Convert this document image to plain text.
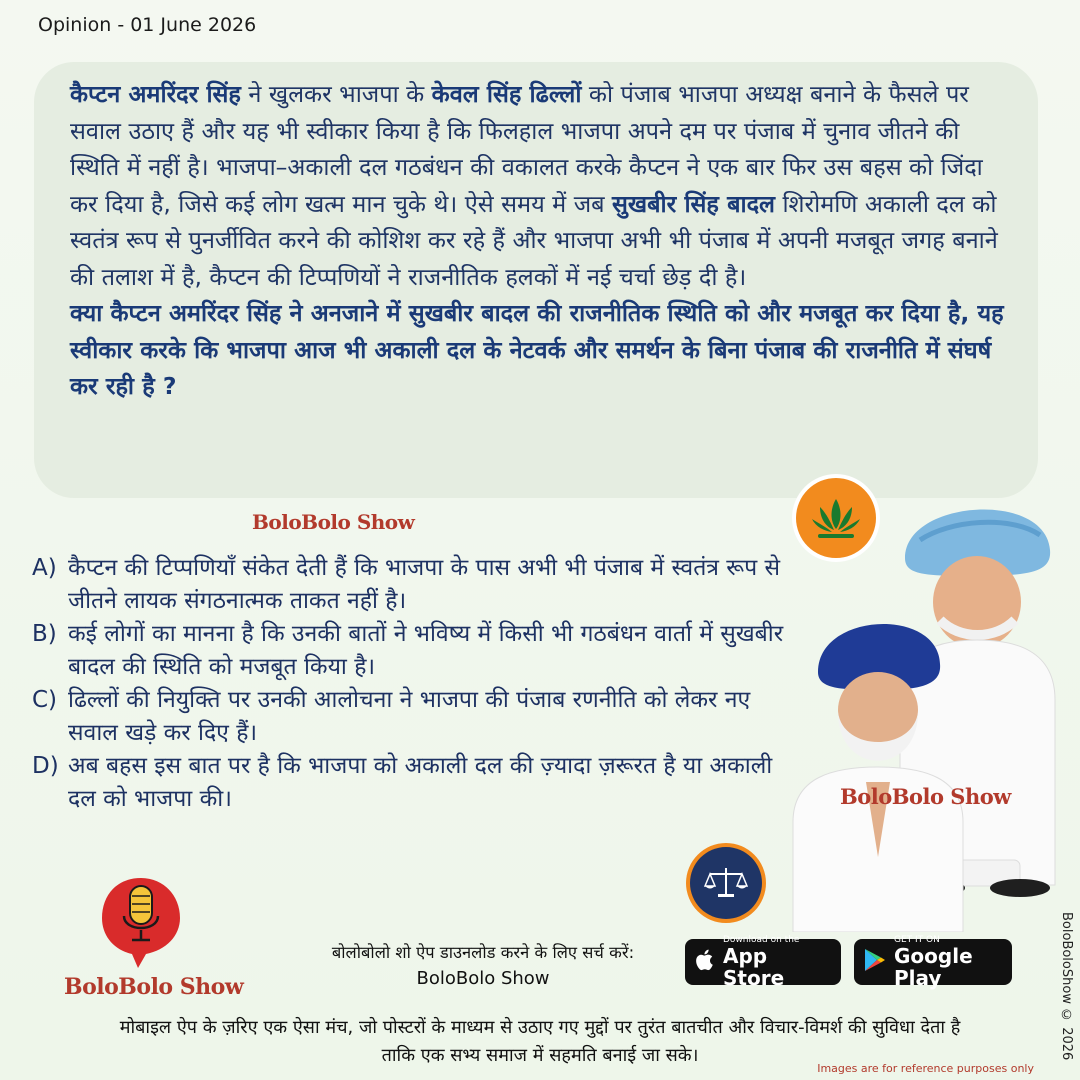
Opinion - 01 June 2026

कैप्टन अमरिंदर सिंह ने खुलकर भाजपा के केवल सिंह ढिल्लों को पंजाब भाजपा अध्यक्ष बनाने के फैसले पर सवाल उठाए हैं और यह भी स्वीकार किया है कि फिलहाल भाजपा अपने दम पर पंजाब में चुनाव जीतने की स्थिति में नहीं है। भाजपा–अकाली दल गठबंधन की वकालत करके कैप्टन ने एक बार फिर उस बहस को जिंदा कर दिया है, जिसे कई लोग खत्म मान चुके थे। ऐसे समय में जब सुखबीर सिंह बादल शिरोमणि अकाली दल को स्वतंत्र रूप से पुनर्जीवित करने की कोशिश कर रहे हैं और भाजपा अभी भी पंजाब में अपनी मजबूत जगह बनाने की तलाश में है, कैप्टन की टिप्पणियों ने राजनीतिक हलकों में नई चर्चा छेड़ दी है।

क्या कैप्टन अमरिंदर सिंह ने अनजाने में सुखबीर बादल की राजनीतिक स्थिति को और मजबूत कर दिया है, यह स्वीकार करके कि भाजपा आज भी अकाली दल के नेटवर्क और समर्थन के बिना पंजाब की राजनीति में संघर्ष कर रही है ?

BoloBolo Show
A) कैप्टन की टिप्पणियाँ संकेत देती हैं कि भाजपा के पास अभी भी पंजाब में स्वतंत्र रूप से जीतने लायक संगठनात्मक ताकत नहीं है।
B) कई लोगों का मानना है कि उनकी बातों ने भविष्य में किसी भी गठबंधन वार्ता में सुखबीर बादल की स्थिति को मजबूत किया है।
C) ढिल्लों की नियुक्ति पर उनकी आलोचना ने भाजपा की पंजाब रणनीति को लेकर नए सवाल खड़े कर दिए हैं।
D) अब बहस इस बात पर है कि भाजपा को अकाली दल की ज़्यादा ज़रूरत है या अकाली दल को भाजपा की।	BoloBolo Show
BoloBolo Show
बोलोबोलो शो ऐप डाउनलोड करने के लिए सर्च करें:
BoloBolo Show
Download on the
App Store
GET IT ON
Google Play
मोबाइल ऐप के ज़रिए एक ऐसा मंच, जो पोस्टरों के माध्यम से उठाए गए मुद्दों पर तुरंत बातचीत और विचार-विमर्श की सुविधा देता है
ताकि एक सभ्य समाज में सहमति बनाई जा सके।	BoloBoloShow © 2026
Images are for reference purposes only
